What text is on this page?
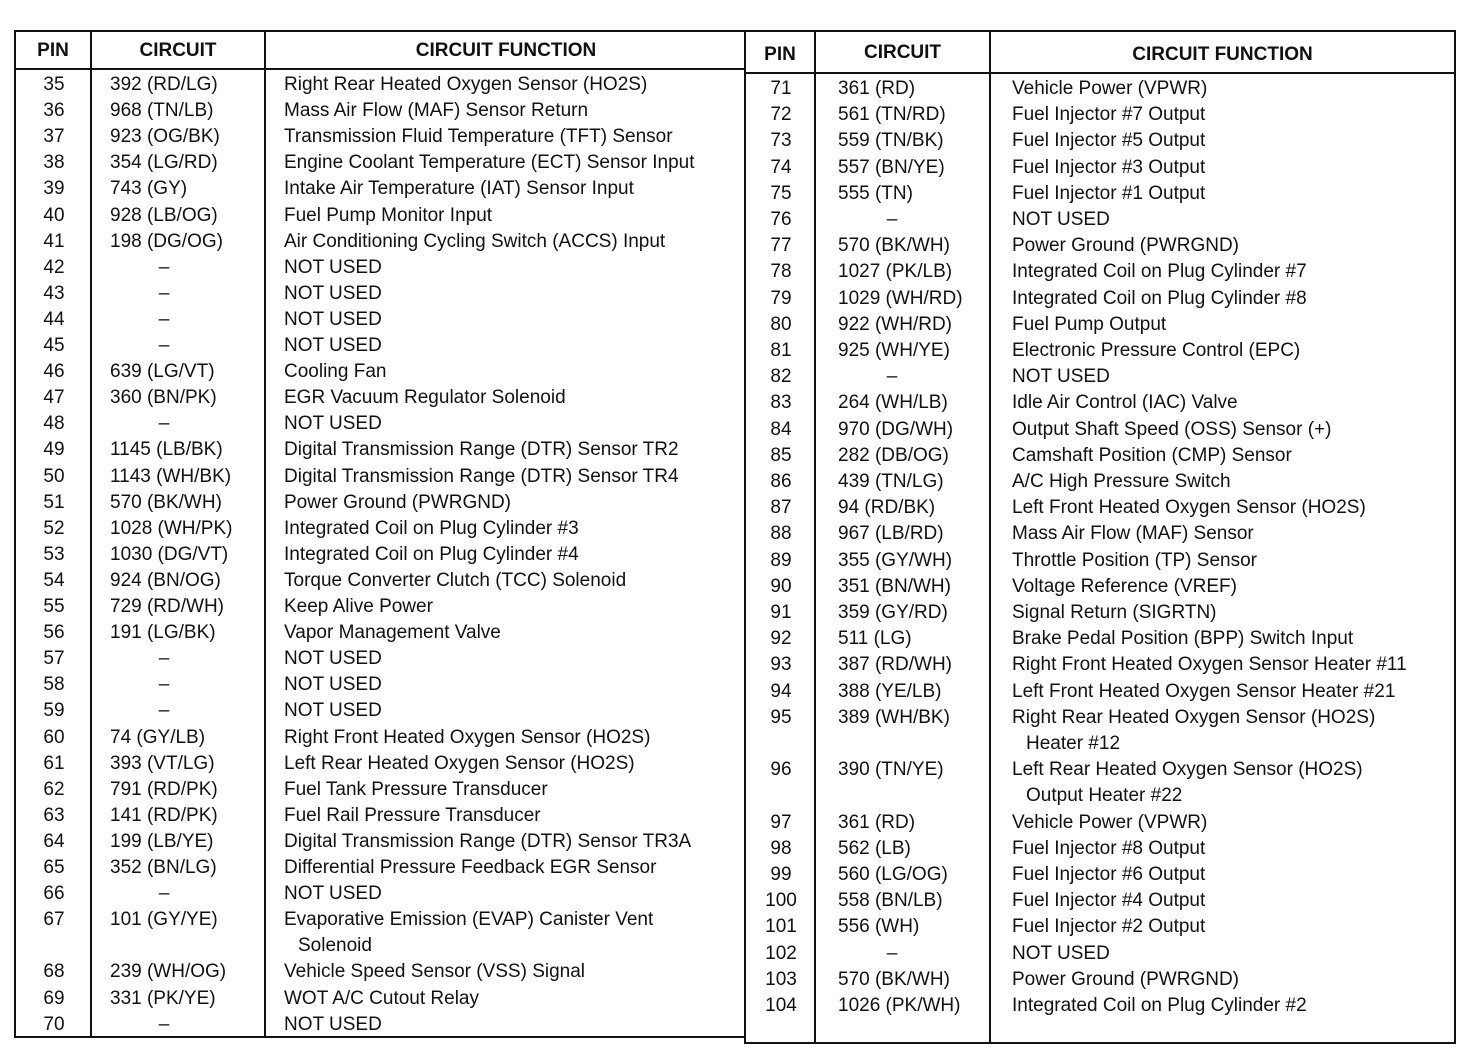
PIN	CIRCUIT	CIRCUIT FUNCTION
35	392 (RD/LG)	Right Rear Heated Oxygen Sensor (HO2S)
36	968 (TN/LB)	Mass Air Flow (MAF) Sensor Return
37	923 (OG/BK)	Transmission Fluid Temperature (TFT) Sensor
38	354 (LG/RD)	Engine Coolant Temperature (ECT) Sensor Input
39	743 (GY)	Intake Air Temperature (IAT) Sensor Input
40	928 (LB/OG)	Fuel Pump Monitor Input
41	198 (DG/OG)	Air Conditioning Cycling Switch (ACCS) Input
42	–	NOT USED
43	–	NOT USED
44	–	NOT USED
45	–	NOT USED
46	639 (LG/VT)	Cooling Fan
47	360 (BN/PK)	EGR Vacuum Regulator Solenoid
48	–	NOT USED
49	1145 (LB/BK)	Digital Transmission Range (DTR) Sensor TR2
50	1143 (WH/BK)	Digital Transmission Range (DTR) Sensor TR4
51	570 (BK/WH)	Power Ground (PWRGND)
52	1028 (WH/PK)	Integrated Coil on Plug Cylinder #3
53	1030 (DG/VT)	Integrated Coil on Plug Cylinder #4
54	924 (BN/OG)	Torque Converter Clutch (TCC) Solenoid
55	729 (RD/WH)	Keep Alive Power
56	191 (LG/BK)	Vapor Management Valve
57	–	NOT USED
58	–	NOT USED
59	–	NOT USED
60	74 (GY/LB)	Right Front Heated Oxygen Sensor (HO2S)
61	393 (VT/LG)	Left Rear Heated Oxygen Sensor (HO2S)
62	791 (RD/PK)	Fuel Tank Pressure Transducer
63	141 (RD/PK)	Fuel Rail Pressure Transducer
64	199 (LB/YE)	Digital Transmission Range (DTR) Sensor TR3A
65	352 (BN/LG)	Differential Pressure Feedback EGR Sensor
66	–	NOT USED
67	101 (GY/YE)	Evaporative Emission (EVAP) Canister Vent
Solenoid
68	239 (WH/OG)	Vehicle Speed Sensor (VSS) Signal
69	331 (PK/YE)	WOT A/C Cutout Relay
70	–	NOT USED
PIN	CIRCUIT	CIRCUIT FUNCTION
71	361 (RD)	Vehicle Power (VPWR)
72	561 (TN/RD)	Fuel Injector #7 Output
73	559 (TN/BK)	Fuel Injector #5 Output
74	557 (BN/YE)	Fuel Injector #3 Output
75	555 (TN)	Fuel Injector #1 Output
76	–	NOT USED
77	570 (BK/WH)	Power Ground (PWRGND)
78	1027 (PK/LB)	Integrated Coil on Plug Cylinder #7
79	1029 (WH/RD)	Integrated Coil on Plug Cylinder #8
80	922 (WH/RD)	Fuel Pump Output
81	925 (WH/YE)	Electronic Pressure Control (EPC)
82	–	NOT USED
83	264 (WH/LB)	Idle Air Control (IAC) Valve
84	970 (DG/WH)	Output Shaft Speed (OSS) Sensor (+)
85	282 (DB/OG)	Camshaft Position (CMP) Sensor
86	439 (TN/LG)	A/C High Pressure Switch
87	94 (RD/BK)	Left Front Heated Oxygen Sensor (HO2S)
88	967 (LB/RD)	Mass Air Flow (MAF) Sensor
89	355 (GY/WH)	Throttle Position (TP) Sensor
90	351 (BN/WH)	Voltage Reference (VREF)
91	359 (GY/RD)	Signal Return (SIGRTN)
92	511 (LG)	Brake Pedal Position (BPP) Switch Input
93	387 (RD/WH)	Right Front Heated Oxygen Sensor Heater #11
94	388 (YE/LB)	Left Front Heated Oxygen Sensor Heater #21
95	389 (WH/BK)	Right Rear Heated Oxygen Sensor (HO2S)
Heater #12
96	390 (TN/YE)	Left Rear Heated Oxygen Sensor (HO2S)
Output Heater #22
97	361 (RD)	Vehicle Power (VPWR)
98	562 (LB)	Fuel Injector #8 Output
99	560 (LG/OG)	Fuel Injector #6 Output
100	558 (BN/LB)	Fuel Injector #4 Output
101	556 (WH)	Fuel Injector #2 Output
102	–	NOT USED
103	570 (BK/WH)	Power Ground (PWRGND)
104	1026 (PK/WH)	Integrated Coil on Plug Cylinder #2
